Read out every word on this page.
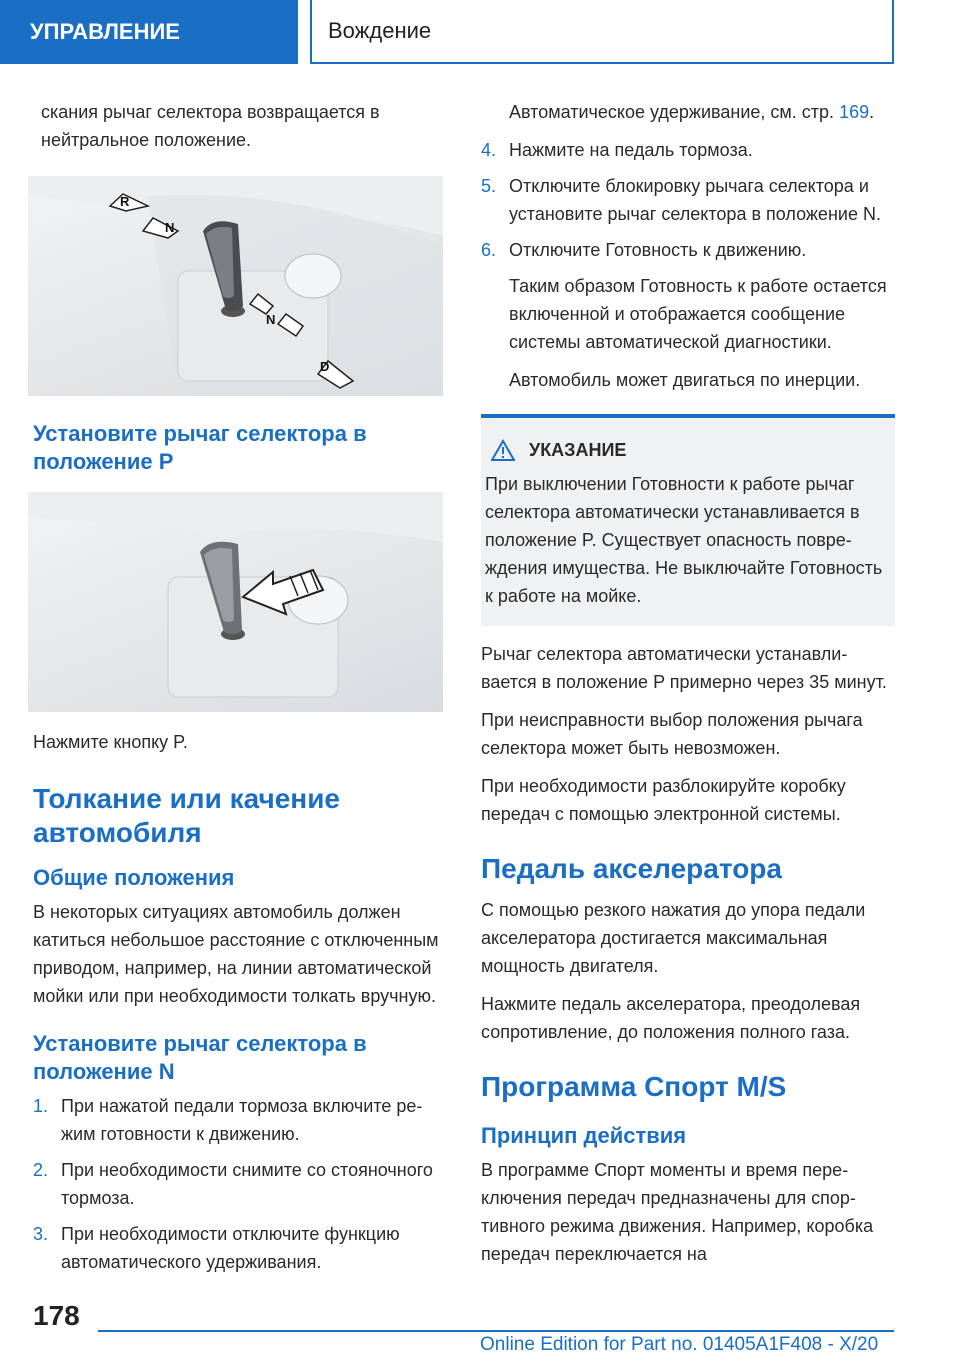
УПРАВЛЕНИЕ	Вождение

скания рычаг селектора возвращается в нейтральное положение.

R
N
N
D
Установите рычаг селектора в положение P

Нажмите кнопку P.

Толкание или качение автомобиля
Общие положения

В некоторых ситуациях автомобиль должен катиться небольшое расстояние с отключенным приводом, например, на линии автоматической мойки или при необходимости толкать вручную.

Установите рычаг селектора в положение N
1. При нажатой педали тормоза включите режим готовности к движению.
2. При необходимости снимите со стояночного тормоза.
3. При необходимости отключите функцию автоматического удерживания.

Автоматическое удерживание, см. стр. 169.

4. Нажмите на педаль тормоза.
5. Отключите блокировку рычага селектора и установите рычаг селектора в положение N.
6. Отключите Готовность к движению.

Таким образом Готовность к работе остается включенной и отображается сообщение системы автоматической диагностики.

Автомобиль может двигаться по инерции.

УКАЗАНИЕ

При выключении Готовности к работе рычаг селектора автоматически устанавливается в положение P. Существует опасность повреждения имущества. Не выключайте Готовность к работе на мойке.

Рычаг селектора автоматически устанавливается в положение P примерно через 35 минут.

При неисправности выбор положения рычага селектора может быть невозможен.

При необходимости разблокируйте коробку передач с помощью электронной системы.

Педаль акселератора

С помощью резкого нажатия до упора педали акселератора достигается максимальная мощность двигателя.

Нажмите педаль акселератора, преодолевая сопротивление, до положения полного газа.

Программа Спорт M/S
Принцип действия

В программе Спорт моменты и время переключения передач предназначены для спортивного режима движения. Например, коробка передач переключается на

178
Online Edition for Part no. 01405A1F408 - X/20
